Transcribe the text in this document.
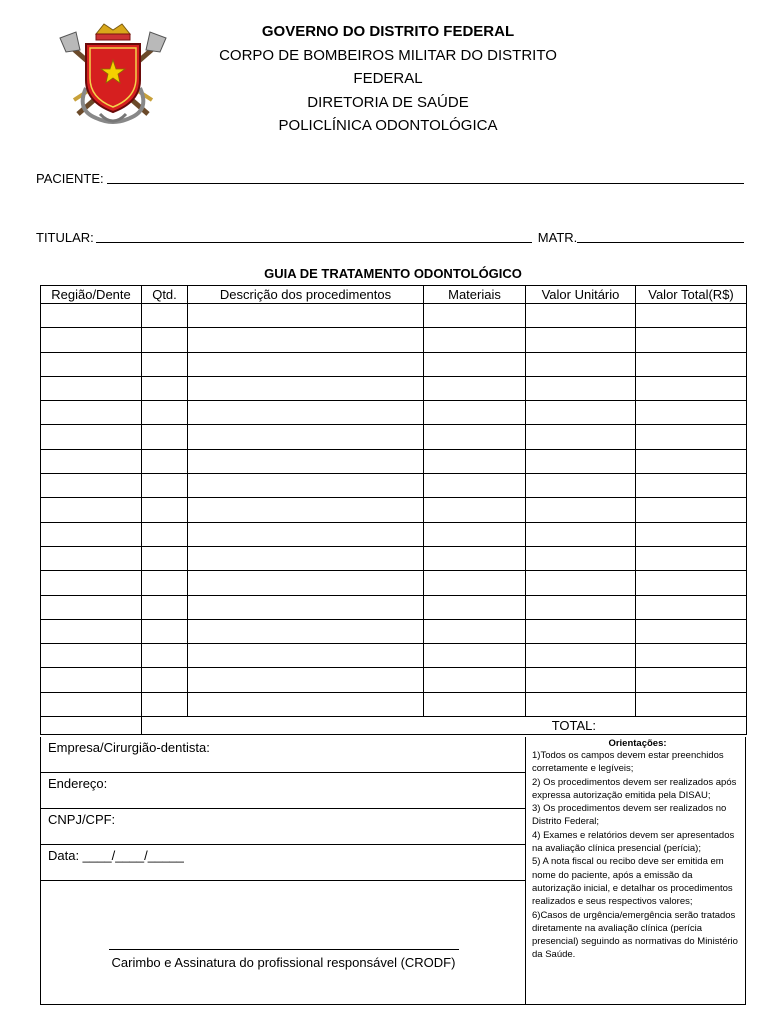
GOVERNO DO DISTRITO FEDERAL
CORPO DE BOMBEIROS MILITAR DO DISTRITO FEDERAL
DIRETORIA DE SAÚDE
POLICLÍNICA ODONTOLÓGICA
PACIENTE:
TITULAR:	MATR.
GUIA DE TRATAMENTO ODONTOLÓGICO
Região/Dente	Qtd.	Descrição dos procedimentos	Materiais	Valor Unitário	Valor Total(R$)

	TOTAL:				
Empresa/Cirurgião-dentista:
Endereço:
CNPJ/CPF:
Data: ____/____/_____
Carimbo e Assinatura do profissional responsável (CRODF)
Orientações:
1)Todos os campos devem estar preenchidos corretamente e legíveis;
2) Os procedimentos devem ser realizados após expressa autorização emitida pela DISAU;
3) Os procedimentos devem ser realizados no Distrito Federal;
4) Exames e relatórios devem ser apresentados na avaliação clínica presencial (perícia);
5) A nota fiscal ou recibo deve ser emitida em nome do paciente, após a emissão da autorização inicial, e detalhar os procedimentos realizados e seus respectivos valores;
6)Casos de urgência/emergência serão tratados diretamente na avaliação clínica (perícia presencial) seguindo as normativas do Ministério da Saúde.
